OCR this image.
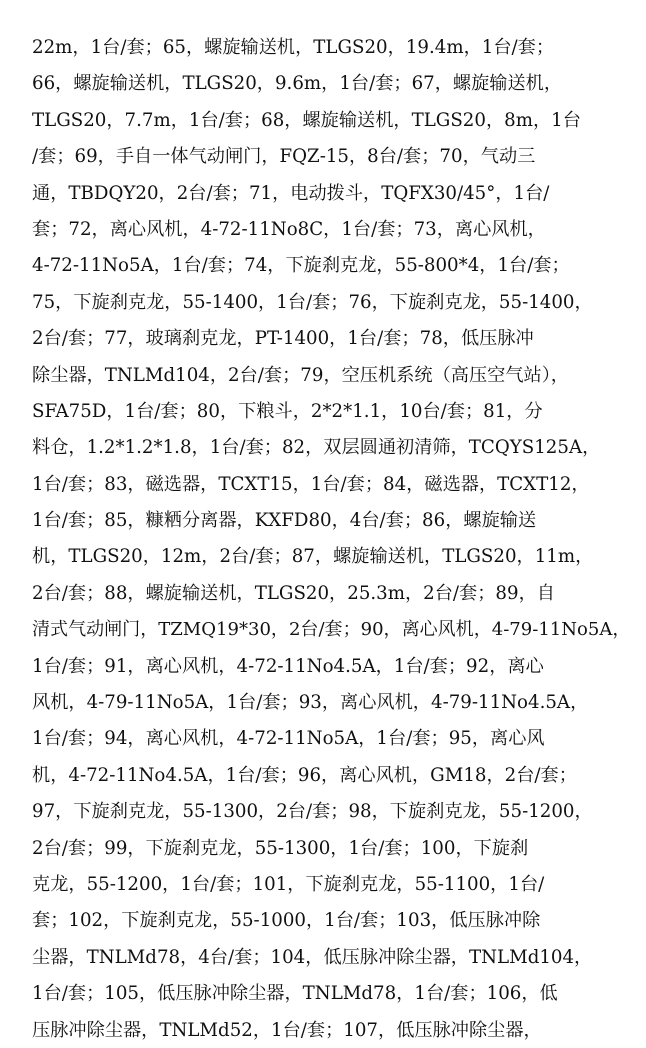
22m，1台/套；65，螺旋输送机，TLGS20，19.4m，1台/套；
66，螺旋输送机，TLGS20，9.6m，1台/套；67，螺旋输送机，
TLGS20，7.7m，1台/套；68，螺旋输送机，TLGS20，8m，1台
/套；69，手自一体气动闸门，FQZ-15，8台/套；70，气动三
通，TBDQY20，2台/套；71，电动拨斗，TQFX30/45°，1台/
套；72，离心风机，4-72-11No8C，1台/套；73，离心风机，
4-72-11No5A，1台/套；74，下旋刹克龙，55-800*4，1台/套；
75，下旋刹克龙，55-1400，1台/套；76，下旋刹克龙，55-1400，
2台/套；77，玻璃刹克龙，PT-1400，1台/套；78，低压脉冲
除尘器，TNLMd104，2台/套；79，空压机系统（高压空气站），
SFA75D，1台/套；80，下粮斗，2*2*1.1，10台/套；81，分
料仓，1.2*1.2*1.8，1台/套；82，双层圆通初清筛，TCQYS125A，
1台/套；83，磁选器，TCXT15，1台/套；84，磁选器，TCXT12，
1台/套；85，糠粞分离器，KXFD80，4台/套；86，螺旋输送
机，TLGS20，12m，2台/套；87，螺旋输送机，TLGS20，11m，
2台/套；88，螺旋输送机，TLGS20，25.3m，2台/套；89，自
清式气动闸门，TZMQ19*30，2台/套；90，离心风机，4-79-11No5A，
1台/套；91，离心风机，4-72-11No4.5A，1台/套；92，离心
风机，4-79-11No5A，1台/套；93，离心风机，4-79-11No4.5A，
1台/套；94，离心风机，4-72-11No5A，1台/套；95，离心风
机，4-72-11No4.5A，1台/套；96，离心风机，GM18，2台/套；
97，下旋刹克龙，55-1300，2台/套；98，下旋刹克龙，55-1200，
2台/套；99，下旋刹克龙，55-1300，1台/套；100，下旋刹
克龙，55-1200，1台/套；101，下旋刹克龙，55-1100，1台/
套；102，下旋刹克龙，55-1000，1台/套；103，低压脉冲除
尘器，TNLMd78，4台/套；104，低压脉冲除尘器，TNLMd104，
1台/套；105，低压脉冲除尘器，TNLMd78，1台/套；106，低
压脉冲除尘器，TNLMd52，1台/套；107，低压脉冲除尘器，
